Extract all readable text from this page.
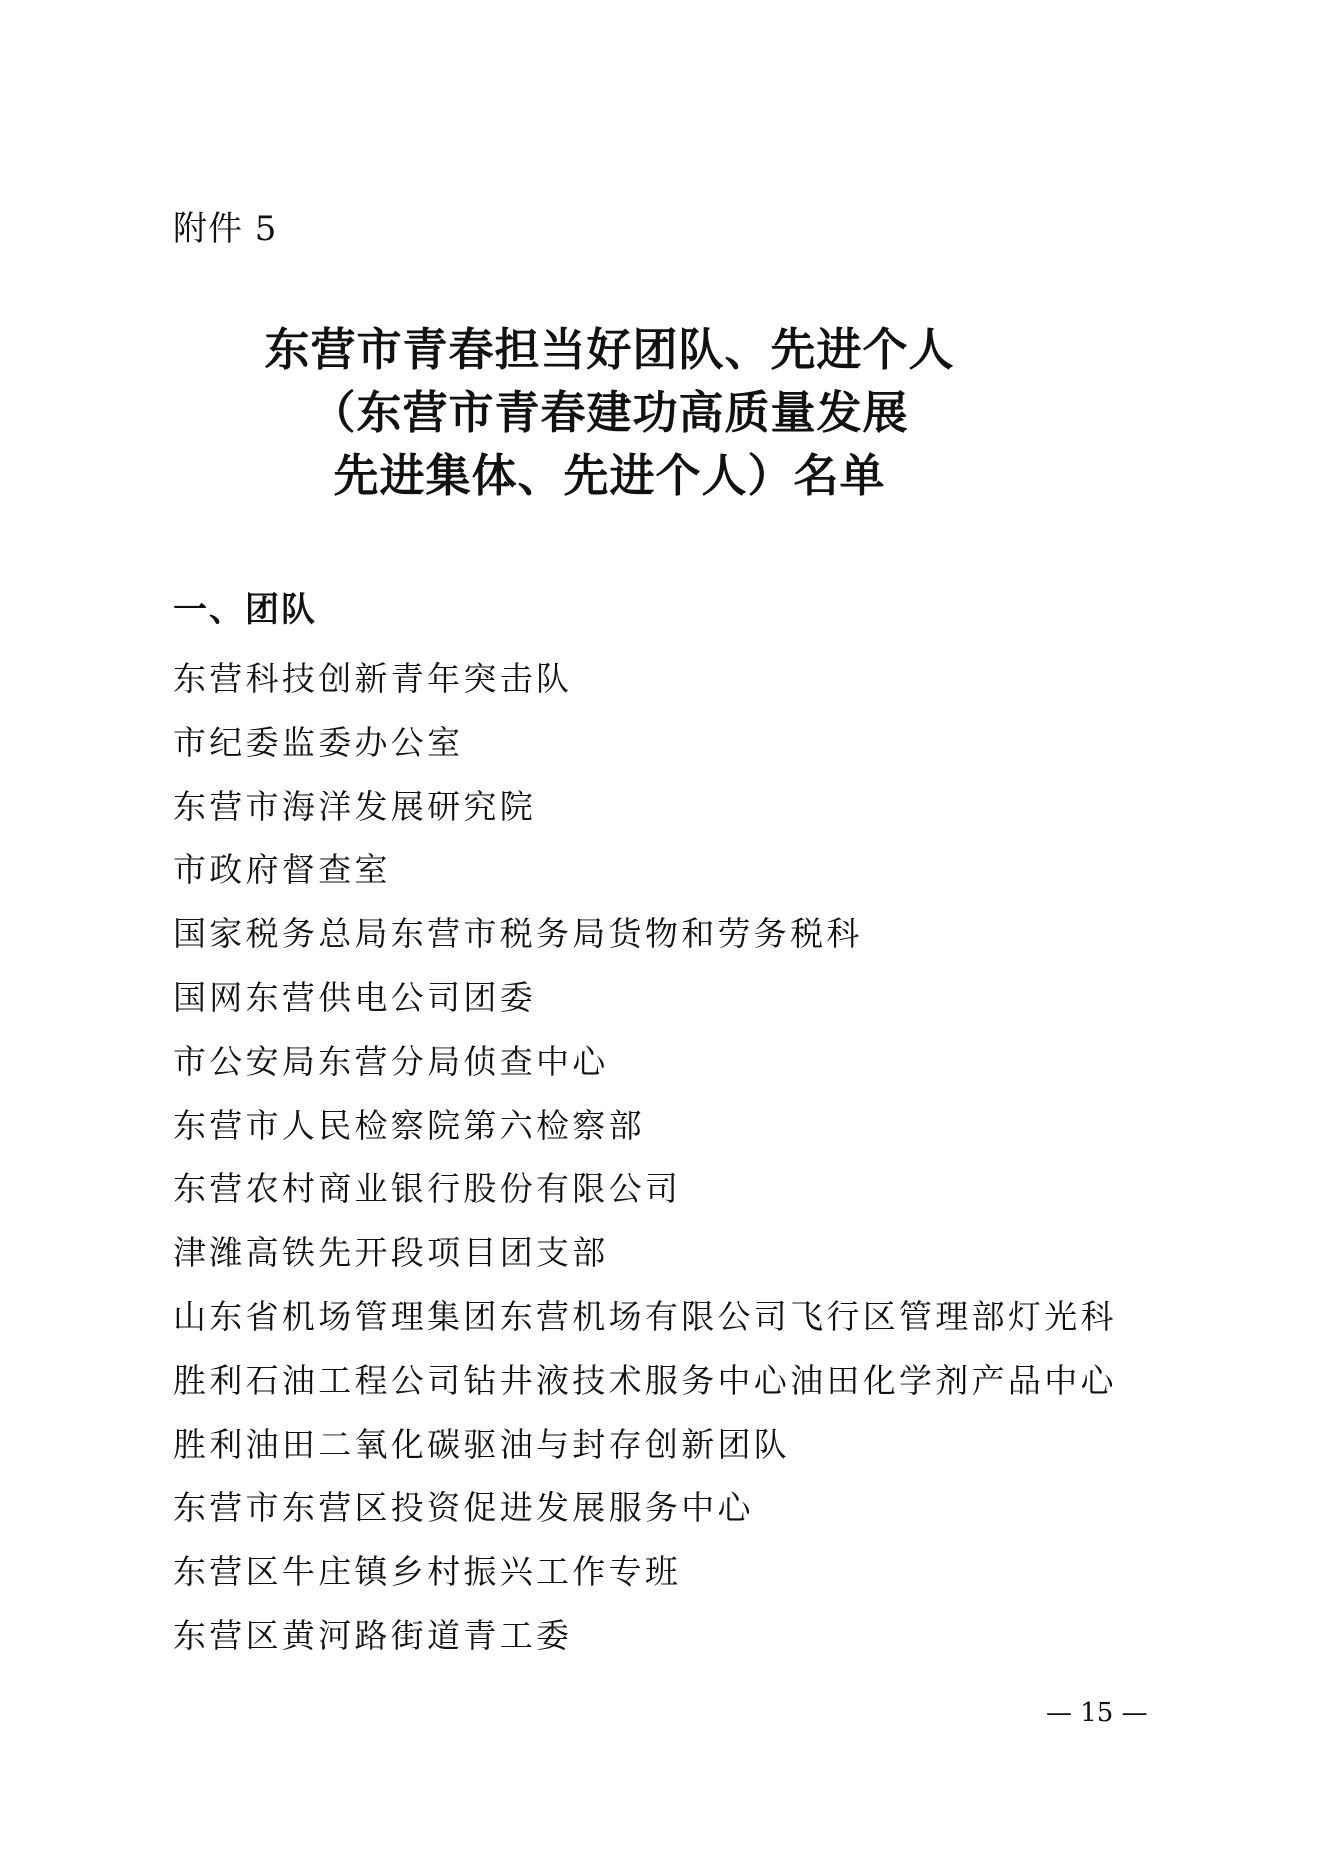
附件 5
东营市青春担当好团队、先进个人
（东营市青春建功高质量发展
先进集体、先进个人）名单
一、团队
东营科技创新青年突击队
市纪委监委办公室
东营市海洋发展研究院
市政府督查室
国家税务总局东营市税务局货物和劳务税科
国网东营供电公司团委
市公安局东营分局侦查中心
东营市人民检察院第六检察部
东营农村商业银行股份有限公司
津潍高铁先开段项目团支部
山东省机场管理集团东营机场有限公司飞行区管理部灯光科
胜利石油工程公司钻井液技术服务中心油田化学剂产品中心
胜利油田二氧化碳驱油与封存创新团队
东营市东营区投资促进发展服务中心
东营区牛庄镇乡村振兴工作专班
东营区黄河路街道青工委
— 15 —
